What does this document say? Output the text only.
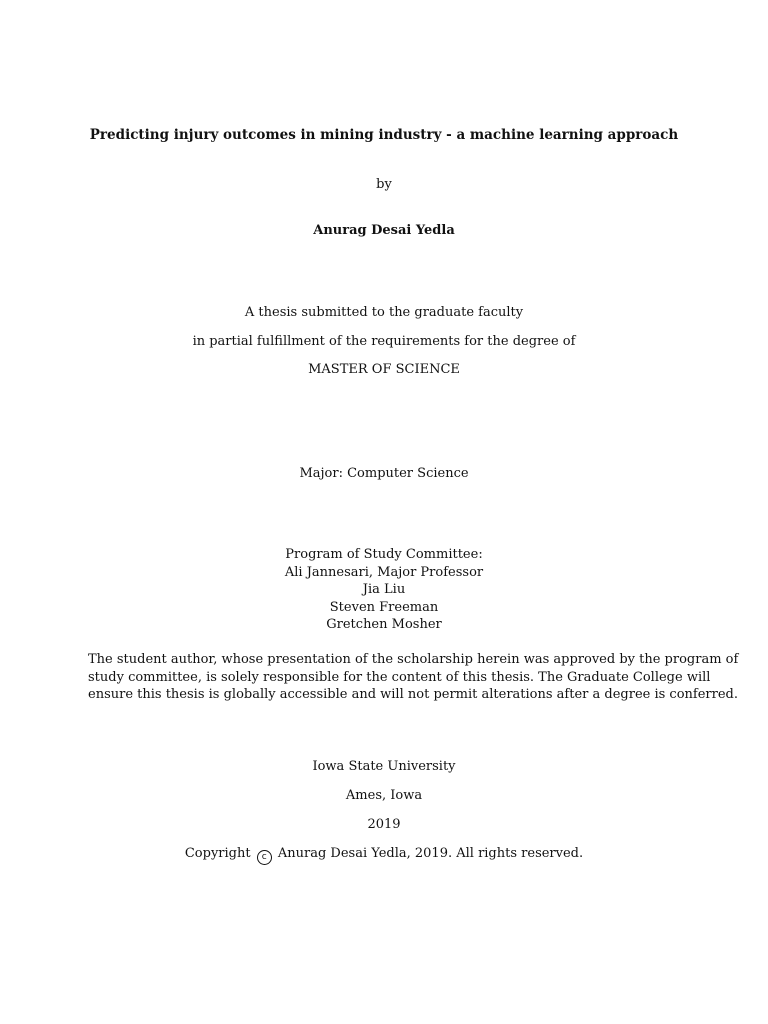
Predicting injury outcomes in mining industry - a machine learning approach
by
Anurag Desai Yedla
A thesis submitted to the graduate faculty
in partial fulfillment of the requirements for the degree of
MASTER OF SCIENCE
Major: Computer Science
Program of Study Committee:
Ali Jannesari, Major Professor
Jia Liu
Steven Freeman
Gretchen Mosher
The student author, whose presentation of the scholarship herein was approved by the program of
study committee, is solely responsible for the content of this thesis. The Graduate College will
ensure this thesis is globally accessible and will not permit alterations after a degree is conferred.
Iowa State University
Ames, Iowa
2019
Copyright c Anurag Desai Yedla, 2019. All rights reserved.
